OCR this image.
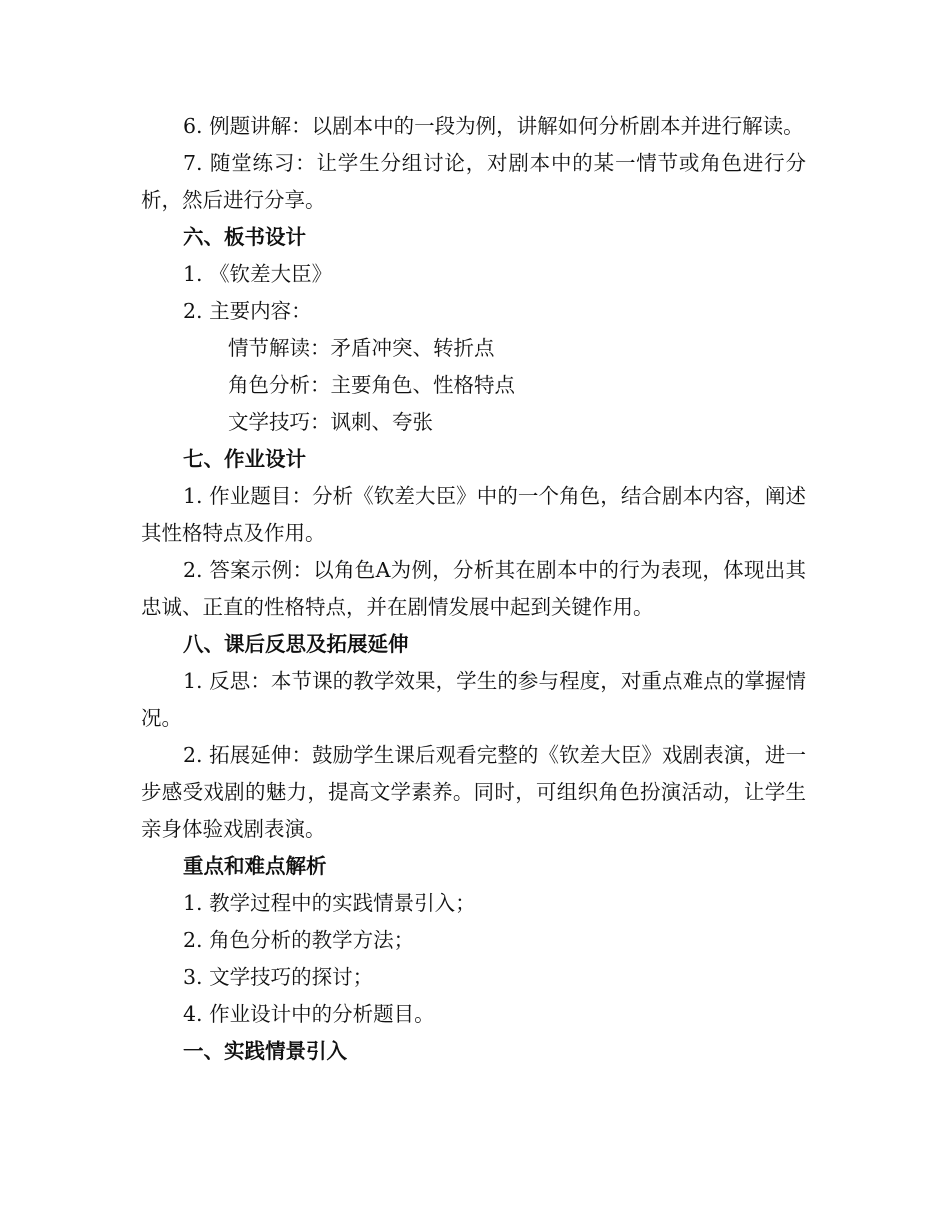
6. 例题讲解：以剧本中的一段为例，讲解如何分析剧本并进行解读。

7. 随堂练习：让学生分组讨论，对剧本中的某一情节或角色进行分析，然后进行分享。

六、板书设计

1. 《钦差大臣》

2. 主要内容：

情节解读：矛盾冲突、转折点

角色分析：主要角色、性格特点

文学技巧：讽刺、夸张

七、作业设计

1. 作业题目：分析《钦差大臣》中的一个角色，结合剧本内容，阐述其性格特点及作用。

2. 答案示例：以角色A为例，分析其在剧本中的行为表现，体现出其忠诚、正直的性格特点，并在剧情发展中起到关键作用。

八、课后反思及拓展延伸

1. 反思：本节课的教学效果，学生的参与程度，对重点难点的掌握情况。

2. 拓展延伸：鼓励学生课后观看完整的《钦差大臣》戏剧表演，进一步感受戏剧的魅力，提高文学素养。同时，可组织角色扮演活动，让学生亲身体验戏剧表演。

重点和难点解析

1. 教学过程中的实践情景引入；

2. 角色分析的教学方法；

3. 文学技巧的探讨；

4. 作业设计中的分析题目。

一、实践情景引入
